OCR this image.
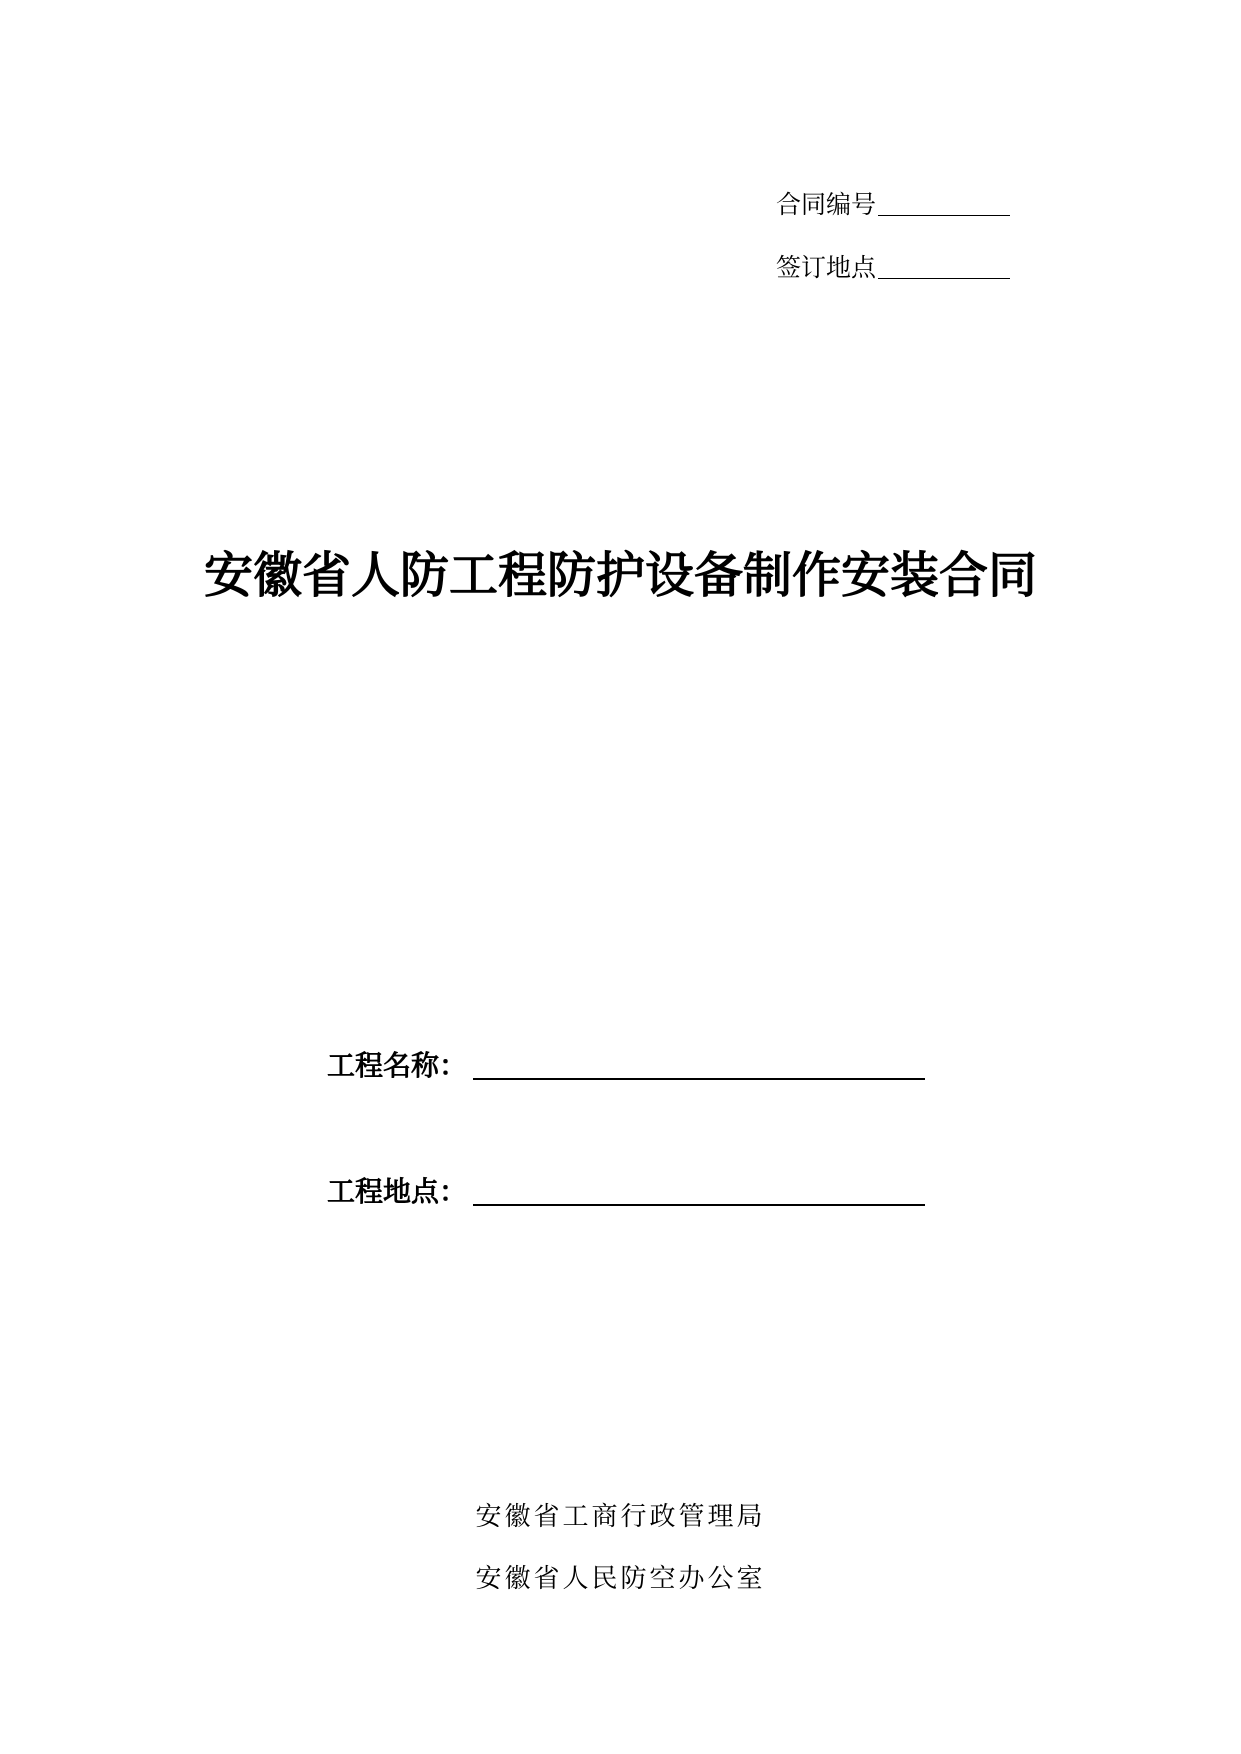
合同编号
签订地点
安徽省人防工程防护设备制作安装合同
工程名称：
工程地点：
安徽省工商行政管理局
安徽省人民防空办公室
